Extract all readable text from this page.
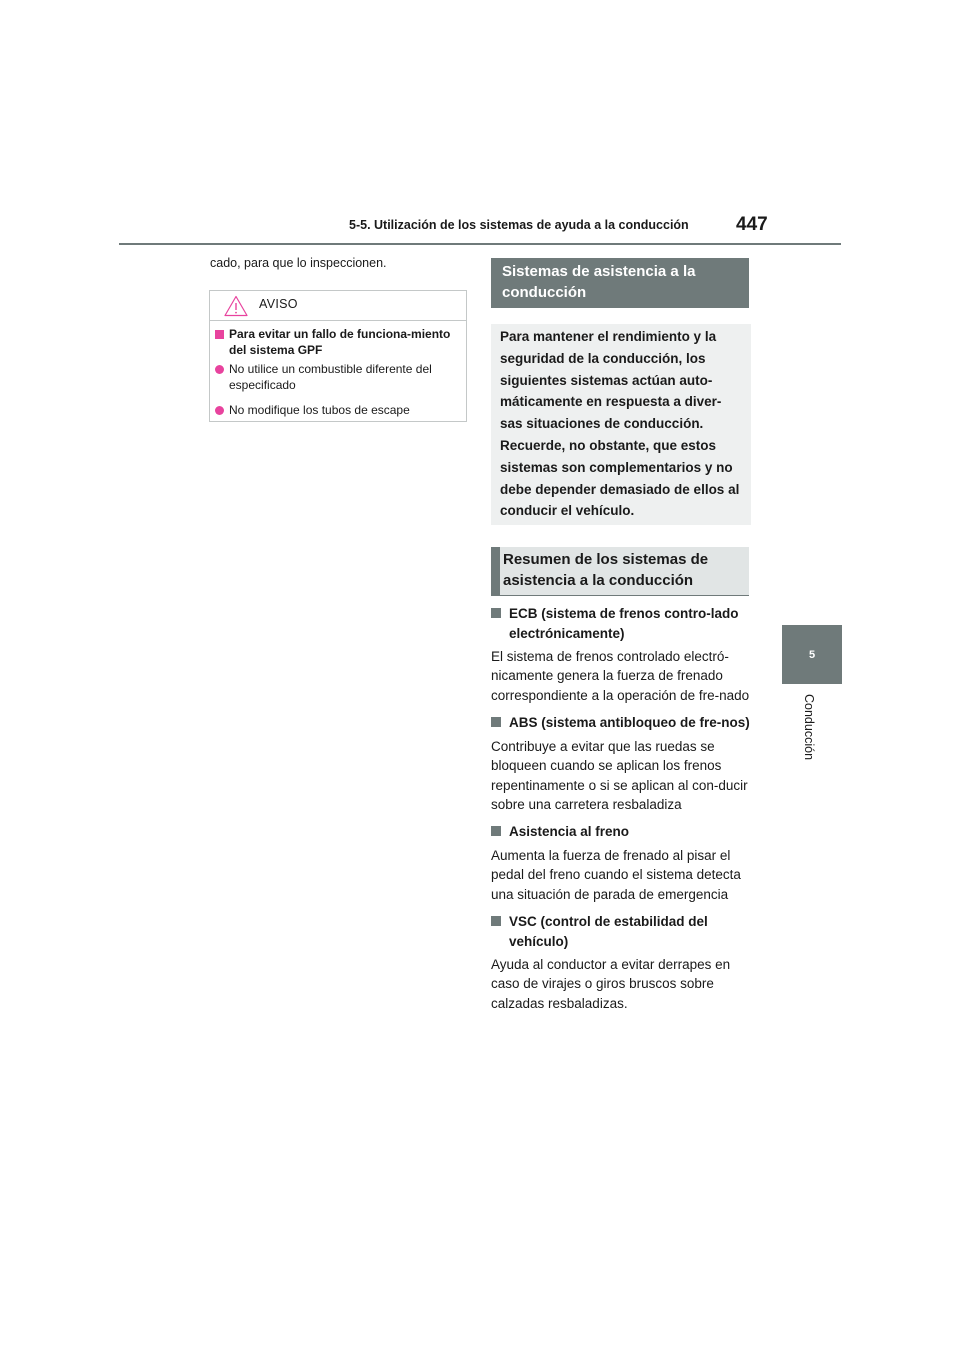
5-5. Utilización de los sistemas de ayuda a la conducción	447
5
Conducción
cado, para que lo inspeccionen.
AVISO
Para evitar un fallo de funciona-miento del sistema GPF
No utilice un combustible diferente del especificado
No modifique los tubos de escape
Sistemas de asistencia a la conducción

Para mantener el rendimiento y la seguridad de la conducción, los siguientes sistemas actúan auto-máticamente en respuesta a diver-sas situaciones de conducción. Recuerde, no obstante, que estos sistemas son complementarios y no debe depender demasiado de ellos al conducir el vehículo.

Resumen de los sistemas de asistencia a la conducción

ECB (sistema de frenos contro-lado electrónicamente)

El sistema de frenos controlado electró-nicamente genera la fuerza de frenado correspondiente a la operación de fre-nado

ABS (sistema antibloqueo de fre-nos)

Contribuye a evitar que las ruedas se bloqueen cuando se aplican los frenos repentinamente o si se aplican al con-ducir sobre una carretera resbaladiza

Asistencia al freno

Aumenta la fuerza de frenado al pisar el pedal del freno cuando el sistema detecta una situación de parada de emergencia

VSC (control de estabilidad del vehículo)

Ayuda al conductor a evitar derrapes en caso de virajes o giros bruscos sobre calzadas resbaladizas.
